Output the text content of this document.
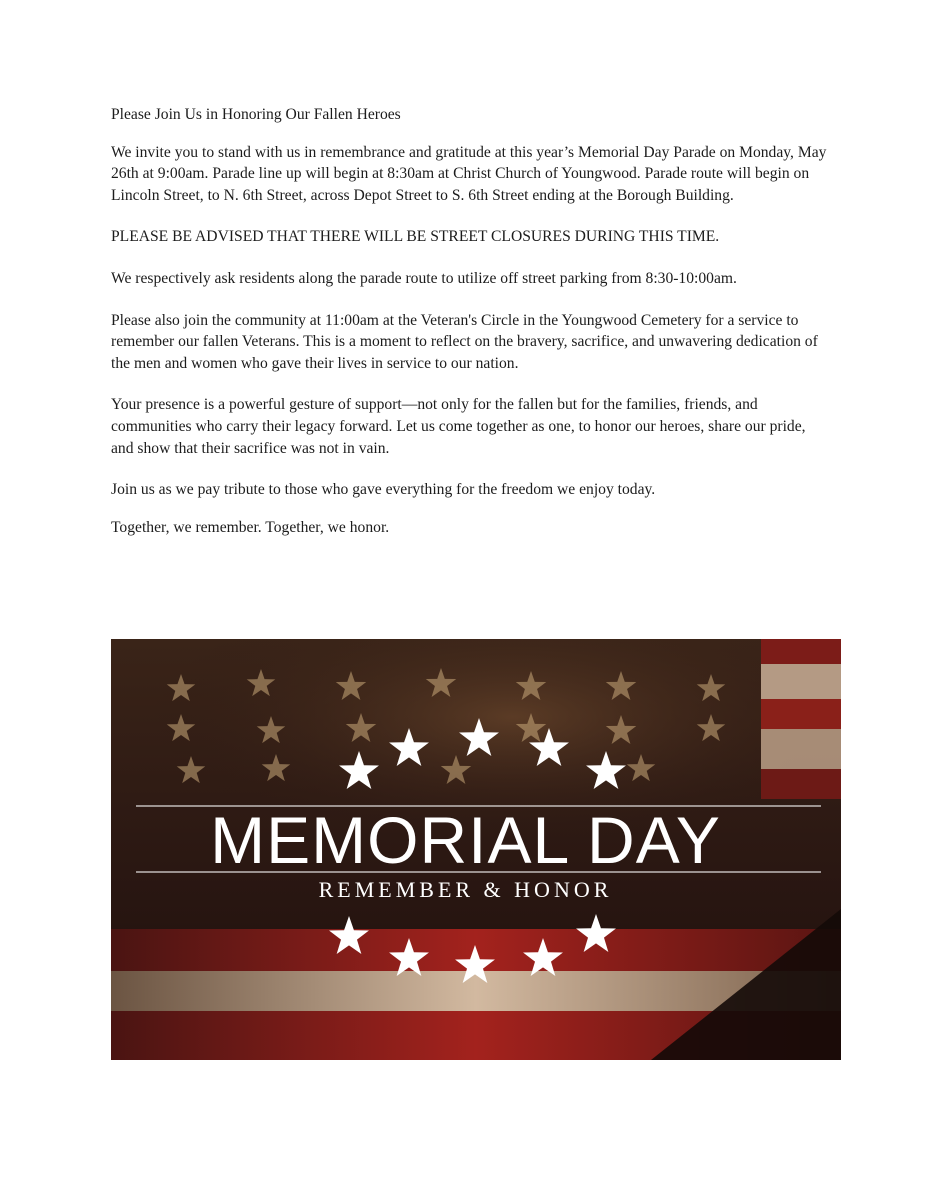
Please Join Us in Honoring Our Fallen Heroes

We invite you to stand with us in remembrance and gratitude at this year’s Memorial Day Parade on Monday, May 26th at 9:00am. Parade line up will begin at 8:30am at Christ Church of Youngwood. Parade route will begin on Lincoln Street, to N. 6th Street, across Depot Street to S. 6th Street ending at the Borough Building.

PLEASE BE ADVISED THAT THERE WILL BE STREET CLOSURES DURING THIS TIME.

We respectively ask residents along the parade route to utilize off street parking from 8:30-10:00am.

Please also join the community at 11:00am at the Veteran's Circle in the Youngwood Cemetery for a service to remember our fallen Veterans. This is a moment to reflect on the bravery, sacrifice, and unwavering dedication of the men and women who gave their lives in service to our nation.

Your presence is a powerful gesture of support—not only for the fallen but for the families, friends, and communities who carry their legacy forward. Let us come together as one, to honor our heroes, share our pride, and show that their sacrifice was not in vain.

Join us as we pay tribute to those who gave everything for the freedom we enjoy today.

Together, we remember. Together, we honor.

MEMORIAL DAY
REMEMBER & HONOR
